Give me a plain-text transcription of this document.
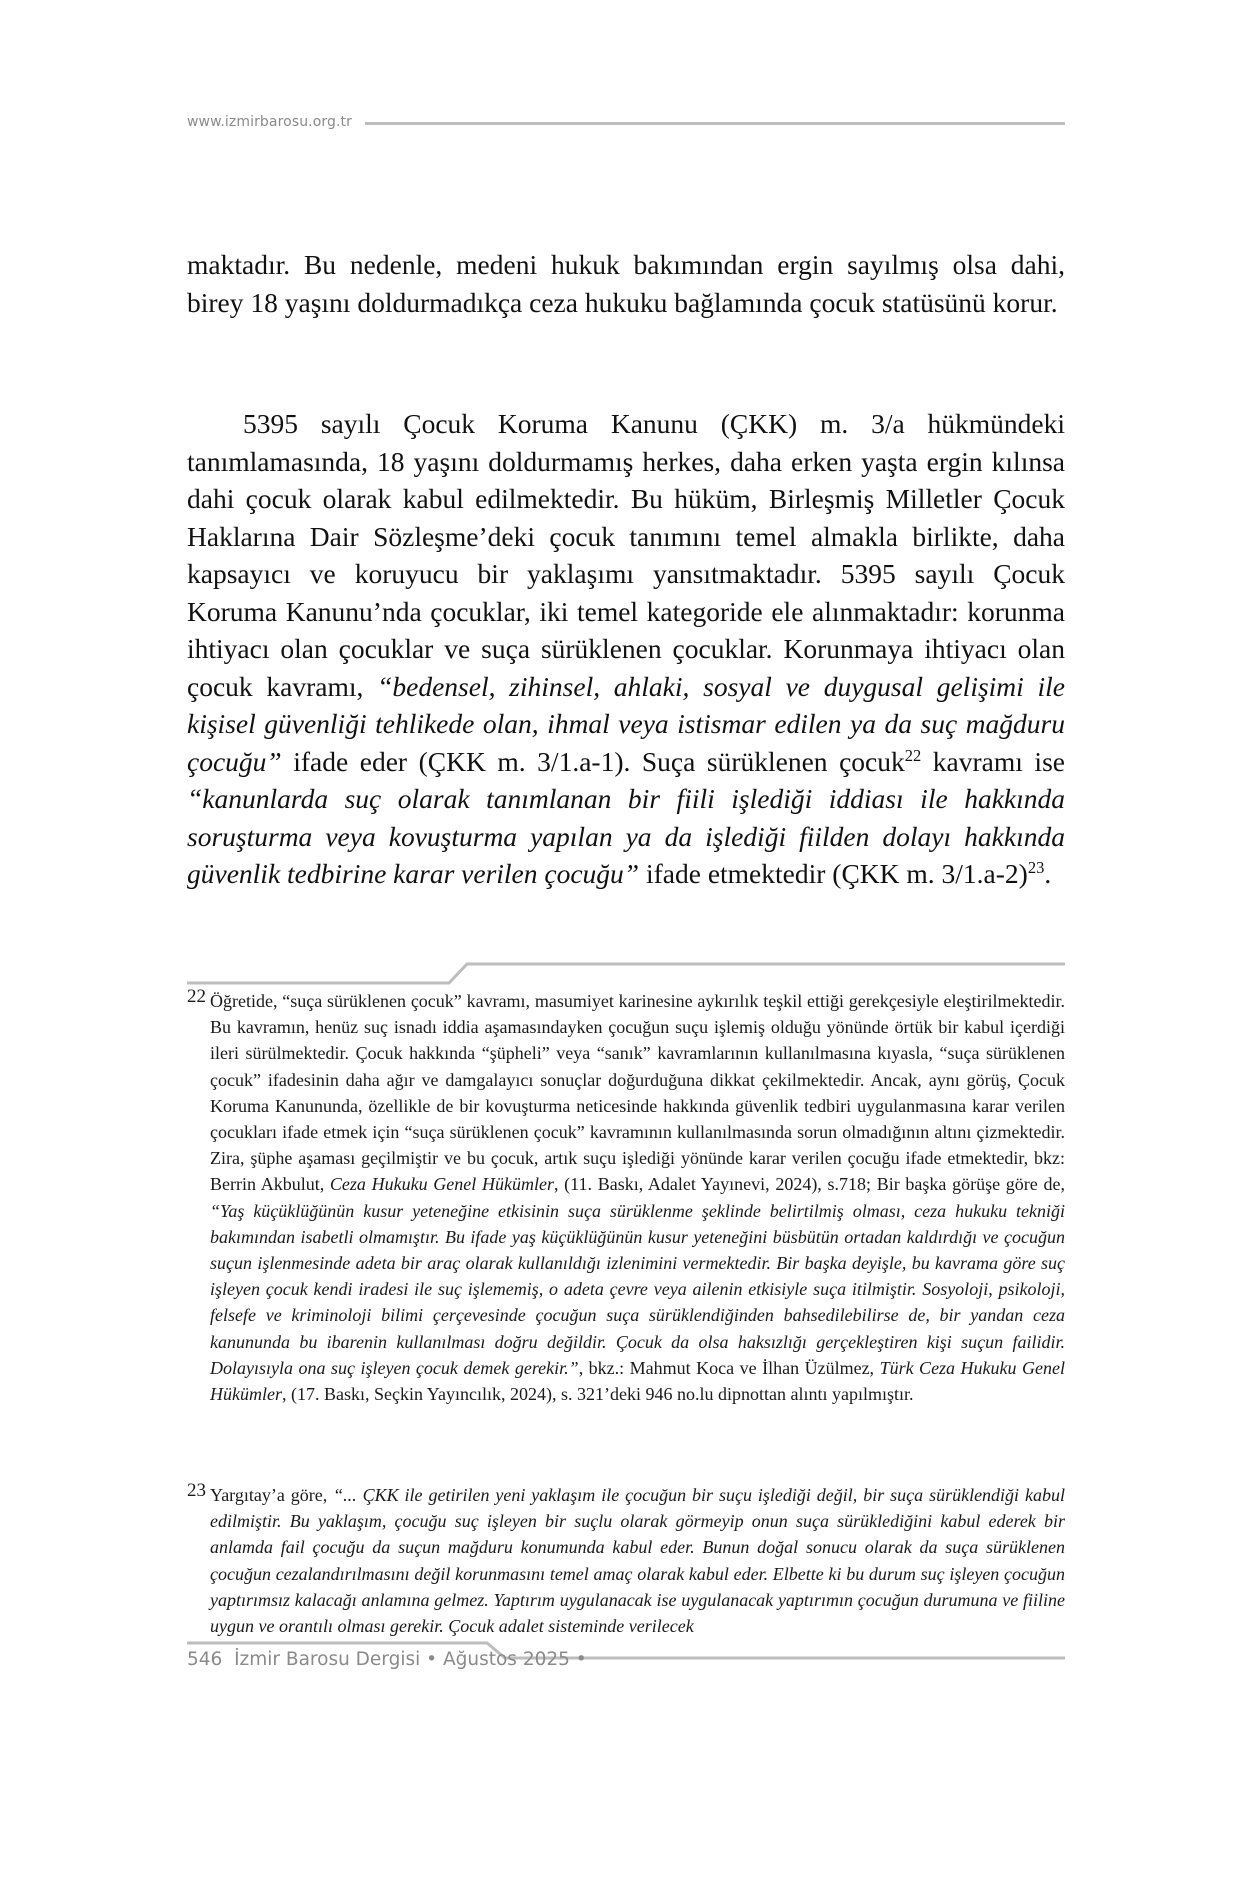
www.izmirbarosu.org.tr

maktadır. Bu nedenle, medeni hukuk bakımından ergin sayılmış olsa dahi, birey 18 yaşını doldurmadıkça ceza hukuku bağlamında çocuk statüsünü korur.

5395 sayılı Çocuk Koruma Kanunu (ÇKK) m. 3/a hükmündeki tanımlamasında, 18 yaşını doldurmamış herkes, daha erken yaşta ergin kılınsa dahi çocuk olarak kabul edilmektedir. Bu hüküm, Birleşmiş Milletler Çocuk Haklarına Dair Sözleşme’deki çocuk tanımını temel almakla birlikte, daha kapsayıcı ve koruyucu bir yaklaşımı yansıtmaktadır. 5395 sayılı Çocuk Koruma Kanunu’nda çocuklar, iki temel kategoride ele alınmaktadır: korunma ihtiyacı olan çocuklar ve suça sürüklenen çocuklar. Korunmaya ihtiyacı olan çocuk kavramı, “bedensel, zihinsel, ahlaki, sosyal ve duygusal gelişimi ile kişisel güvenliği tehlikede olan, ihmal veya istismar edilen ya da suç mağduru çocuğu” ifade eder (ÇKK m. 3/1.a-1). Suça sürüklenen çocuk$^{22}$ kavramı ise “kanunlarda suç olarak tanımlanan bir fiili işlediği iddiası ile hakkında soruşturma veya kovuşturma yapılan ya da işlediği fiilden dolayı hakkında güvenlik tedbirine karar verilen çocuğu” ifade etmektedir (ÇKK m. 3/1.a-2)$^{23}$.

22 Öğretide, “suça sürüklenen çocuk” kavramı, masumiyet karinesine aykırılık teşkil ettiği gerekçesiyle eleştirilmektedir. Bu kavramın, henüz suç isnadı iddia aşamasındayken çocuğun suçu işlemiş olduğu yönünde örtük bir kabul içerdiği ileri sürülmektedir. Çocuk hakkında “şüpheli” veya “sanık” kavramlarının kullanılmasına kıyasla, “suça sürüklenen çocuk” ifadesinin daha ağır ve damgalayıcı sonuçlar doğurduğuna dikkat çekilmektedir. Ancak, aynı görüş, Çocuk Koruma Kanununda, özellikle de bir kovuşturma neticesinde hakkında güvenlik tedbiri uygulanmasına karar verilen çocukları ifade etmek için “suça sürüklenen çocuk” kavramının kullanılmasında sorun olmadığının altını çizmektedir. Zira, şüphe aşaması geçilmiştir ve bu çocuk, artık suçu işlediği yönünde karar verilen çocuğu ifade etmektedir, bkz: Berrin Akbulut, Ceza Hukuku Genel Hükümler, (11. Baskı, Adalet Yayınevi, 2024), s.718; Bir başka görüşe göre de, “Yaş küçüklüğünün kusur yeteneğine etkisinin suça sürüklenme şeklinde belirtilmiş olması, ceza hukuku tekniği bakımından isabetli olmamıştır. Bu ifade yaş küçüklüğünün kusur yeteneğini büsbütün ortadan kaldırdığı ve çocuğun suçun işlenmesinde adeta bir araç olarak kullanıldığı izlenimini vermektedir. Bir başka deyişle, bu kavrama göre suç işleyen çocuk kendi iradesi ile suç işlememiş, o adeta çevre veya ailenin etkisiyle suça itilmiştir. Sosyoloji, psikoloji, felsefe ve kriminoloji bilimi çerçevesinde çocuğun suça sürüklendiğinden bahsedilebilirse de, bir yandan ceza kanununda bu ibarenin kullanılması doğru değildir. Çocuk da olsa haksızlığı gerçekleştiren kişi suçun failidir. Dolayısıyla ona suç işleyen çocuk demek gerekir.”, bkz.: Mahmut Koca ve İlhan Üzülmez, Türk Ceza Hukuku Genel Hükümler, (17. Baskı, Seçkin Yayıncılık, 2024), s. 321’deki 946 no.lu dipnottan alıntı yapılmıştır.

23 Yargıtay’a göre, “... ÇKK ile getirilen yeni yaklaşım ile çocuğun bir suçu işlediği değil, bir suça sürüklendiği kabul edilmiştir. Bu yaklaşım, çocuğu suç işleyen bir suçlu olarak görmeyip onun suça sürüklediğini kabul ederek bir anlamda fail çocuğu da suçun mağduru konumunda kabul eder. Bunun doğal sonucu olarak da suça sürüklenen çocuğun cezalandırılmasını değil korunmasını temel amaç olarak kabul eder. Elbette ki bu durum suç işleyen çocuğun yaptırımsız kalacağı anlamına gelmez. Yaptırım uygulanacak ise uygulanacak yaptırımın çocuğun durumuna ve fiiline uygun ve orantılı olması gerekir. Çocuk adalet sisteminde verilecek

546 İzmir Barosu Dergisi • Ağustos 2025 •
